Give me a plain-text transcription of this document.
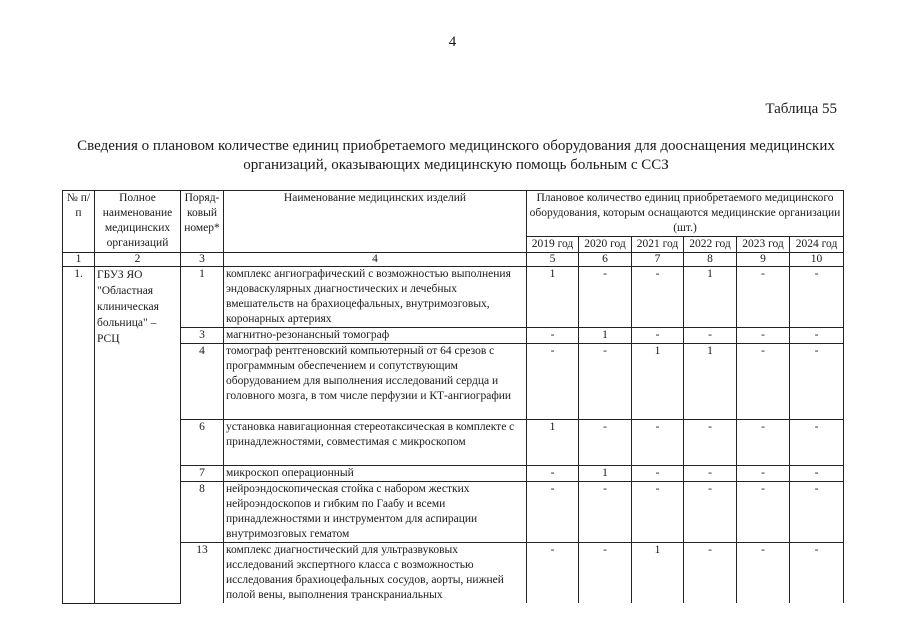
4
Таблица 55
Сведения о плановом количестве единиц приобретаемого медицинского оборудования для дооснащения медицинских
организаций, оказывающих медицинскую помощь больным с ССЗ
№ п/п	Полное наименование медицинских организаций	Поряд-ковый номер*	Наименование медицинских изделий	Плановое количество единиц приобретаемого медицинского оборудования, которым оснащаются медицинские организации (шт.)					
				2019 год	2020 год	2021 год	2022 год	2023 год	2024 год
1	2	3	4	5	6	7	8	9	10
1.	ГБУЗ ЯО "Областная клиническая больница" – РСЦ	1	комплекс ангиографический с возможностью выполнения эндоваскулярных диагностических и лечебных вмешательств на брахиоцефальных, внутримозговых, коронарных артериях	1	-	-	1	-	-
		3	магнитно-резонансный томограф	-	1	-	-	-	-
		4	томограф рентгеновский компьютерный от 64 срезов с программным обеспечением и сопутствующим оборудованием для выполнения исследований сердца и головного мозга, в том числе перфузии и КТ-ангиографии	-	-	1	1	-	-
		6	установка навигационная стереотаксическая в комплекте с принадлежностями, совместимая с микроскопом	1	-	-	-	-	-
		7	микроскоп операционный	-	1	-	-	-	-
		8	нейроэндоскопическая стойка с набором жестких нейроэндоскопов и гибким по Гаабу и всеми принадлежностями и инструментом для аспирации внутримозговых гематом	-	-	-	-	-	-
		13	комплекс диагностический для ультразвуковых исследований экспертного класса с возможностью исследования брахиоцефальных сосудов, аорты, нижней полой вены, выполнения транскраниальных	-	-	1	-	-	-
